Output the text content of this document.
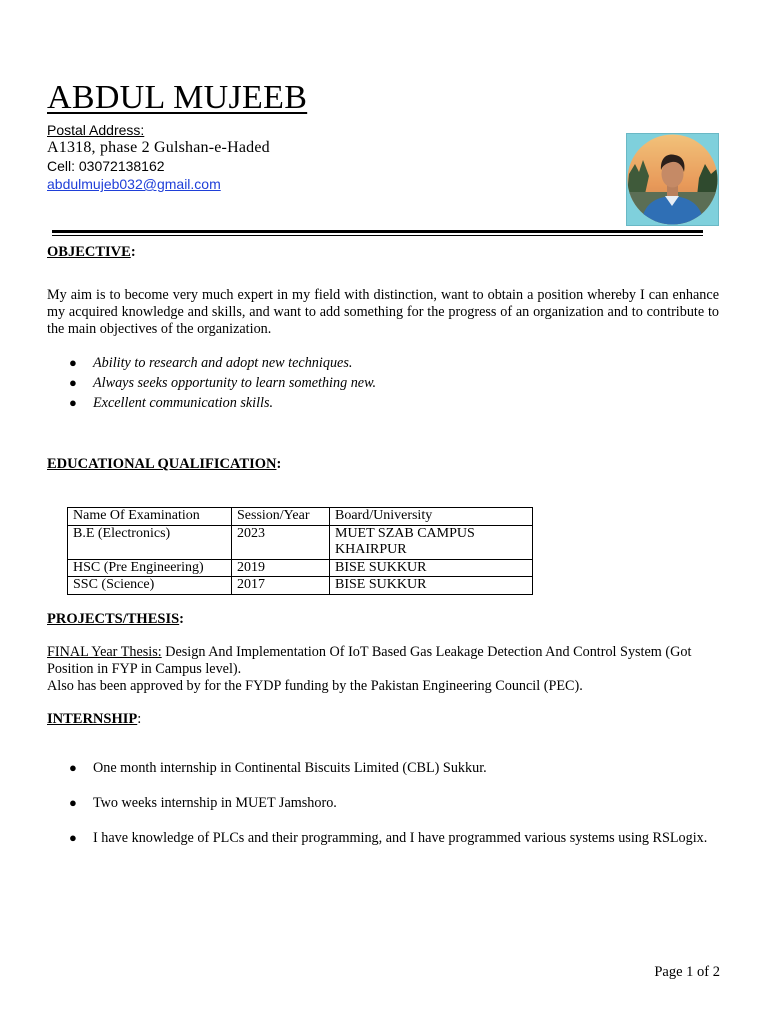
ABDUL MUJEEB
Postal Address:
A1318, phase 2 Gulshan-e-Haded
Cell: 03072138162
abdulmujeb032@gmail.com
OBJECTIVE:

My aim is to become very much expert in my field with distinction, want to obtain a position whereby I can enhance my acquired knowledge and skills, and want to add something for the progress of an organization and to contribute to the main objectives of the organization.

● Ability to research and adopt new techniques.
● Always seeks opportunity to learn something new.
● Excellent communication skills.
EDUCATIONAL QUALIFICATION:
Name Of Examination	Session/Year	Board/University
B.E (Electronics)	2023	MUET SZAB CAMPUS KHAIRPUR
HSC (Pre Engineering)	2019	BISE SUKKUR
SSC (Science)	2017	BISE SUKKUR
PROJECTS/THESIS:

FINAL Year Thesis: Design And Implementation Of IoT Based Gas Leakage Detection And Control System (Got Position in FYP in Campus level).
Also has been approved by for the FYDP funding by the Pakistan Engineering Council (PEC).

INTERNSHIP:
● One month internship in Continental Biscuits Limited (CBL) Sukkur.
● Two weeks internship in MUET Jamshoro.
● I have knowledge of PLCs and their programming, and I have programmed various systems using RSLogix.
Page 1 of 2
